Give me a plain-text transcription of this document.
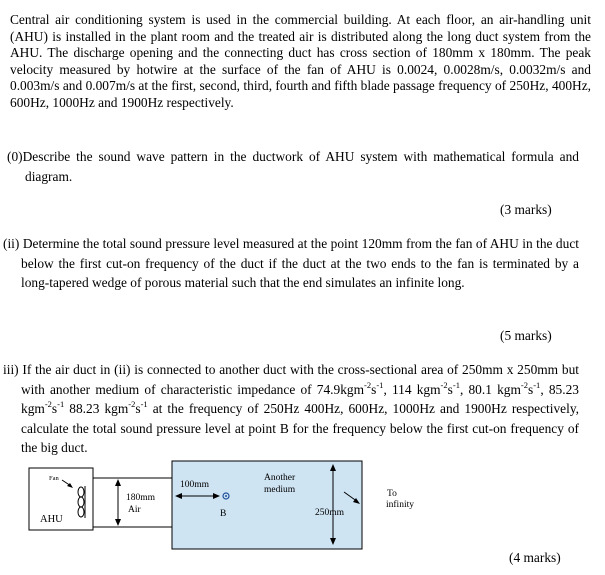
Central air conditioning system is used in the commercial building. At each floor, an air-handling unit (AHU) is installed in the plant room and the treated air is distributed along the long duct system from the AHU. The discharge opening and the connecting duct has cross section of 180mm x 180mm. The peak velocity measured by hotwire at the surface of the fan of AHU is 0.0024, 0.0028m/s, 0.0032m/s and 0.003m/s and 0.007m/s at the first, second, third, fourth and fifth blade passage frequency of 250Hz, 400Hz, 600Hz, 1000Hz and 1900Hz respectively.

(0)Describe the sound wave pattern in the ductwork of AHU system with mathematical formula and diagram.
(3 marks)
(ii) Determine the total sound pressure level measured at the point 120mm from the fan of AHU in the duct below the first cut-on frequency of the duct if the duct at the two ends to the fan is terminated by a long-tapered wedge of porous material such that the end simulates an infinite long.
(5 marks)
iii) If the air duct in (ii) is connected to another duct with the cross-sectional area of 250mm x 250mm but with another medium of characteristic impedance of $74.9kgm^{-2}s^{-1}$, 114 $kgm^{-2}s^{-1}$, 80.1 $kgm^{-2}s^{-1}$, 85.23 $kgm^{-2}s^{-1}$ 88.23 $kgm^{-2}s^{-1}$ at the frequency of 250Hz 400Hz, 600Hz, 1000Hz and 1900Hz respectively, calculate the total sound pressure level at point B for the frequency below the first cut-on frequency of the big duct.
(4 marks)
Fan
AHU
180mm
Air
100mm
B
Another
medium
250mm
To
infinity
